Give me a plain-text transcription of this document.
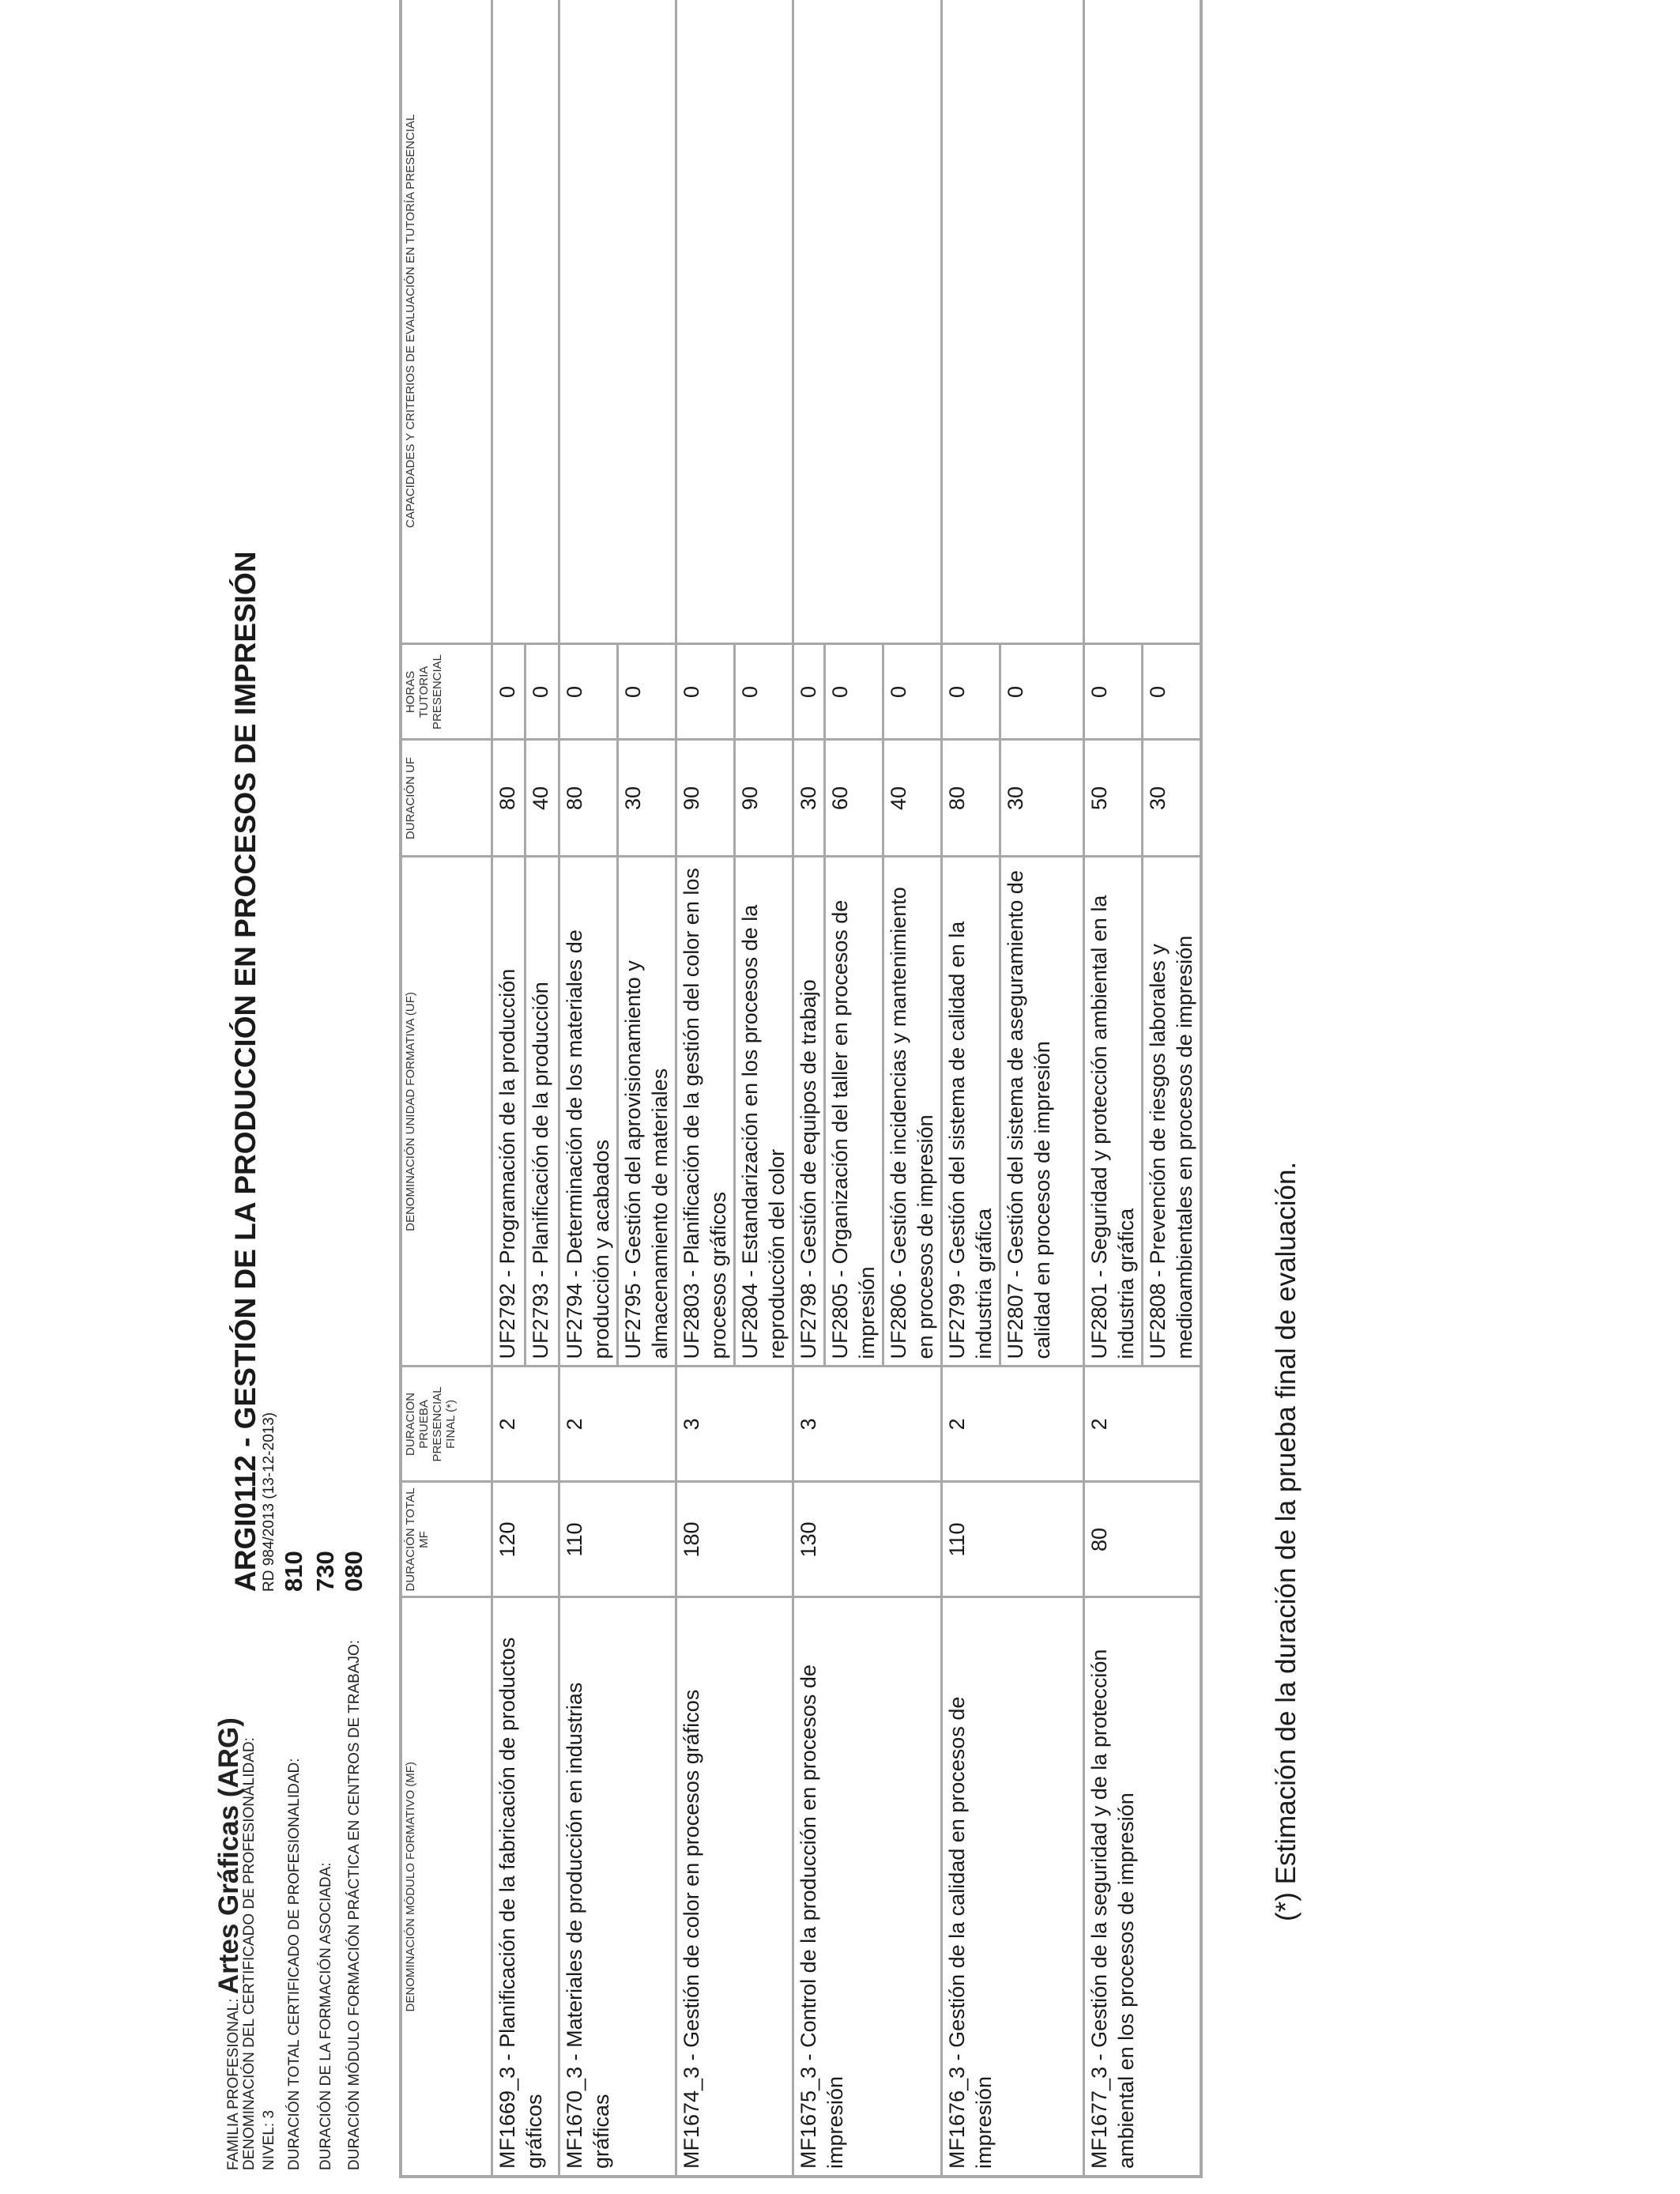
FAMILIA PROFESIONAL: Artes Gráficas (ARG)
DENOMINACIÓN DEL CERTIFICADO DE PROFESIONALIDAD:
ARGI0112 - GESTIÓN DE LA PRODUCCIÓN EN PROCESOS DE IMPRESIÓN
NIVEL: 3
RD 984/2013 (13-12-2013)
DURACIÓN TOTAL CERTIFICADO DE PROFESIONALIDAD:
810
DURACIÓN DE LA FORMACIÓN ASOCIADA:
730
DURACIÓN MÓDULO FORMACIÓN PRÁCTICA EN CENTROS DE TRABAJO:
080
DENOMINACIÓN MÓDULO FORMATIVO (MF)	DURACIÓN TOTAL MF	DURACION PRUEBA PRESENCIAL FINAL (*)	DENOMINACIÓN UNIDAD FORMATIVA (UF)	DURACIÓN UF	HORAS TUTORIA PRESENCIAL	CAPACIDADES Y CRITERIOS DE EVALUACIÓN EN TUTORÍA PRESENCIAL
MF1669_3 - Planificación de la fabricación de productos gráficos	120	2	UF2792 - Programación de la producción	80	0	
			UF2793 - Planificación de la producción	40	0	
MF1670_3 - Materiales de producción en industrias gráficas	110	2	UF2794 - Determinación de los materiales de producción y acabados	80	0	
			UF2795 - Gestión del aprovisionamiento y almacenamiento de materiales	30	0	
MF1674_3 - Gestión de color en procesos gráficos	180	3	UF2803 - Planificación de la gestión del color en los procesos gráficos	90	0	
			UF2804 - Estandarización en los procesos de la reproducción del color	90	0	
MF1675_3 - Control de la producción en procesos de impresión	130	3	UF2798 - Gestión de equipos de trabajo	30	0	
			UF2805 - Organización del taller en procesos de impresión	60	0	
			UF2806 - Gestión de incidencias y mantenimiento en procesos de impresión	40	0	
MF1676_3 - Gestión de la calidad en procesos de impresión	110	2	UF2799 - Gestión del sistema de calidad en la industria gráfica	80	0	
			UF2807 - Gestión del sistema de aseguramiento de calidad en procesos de impresión	30	0	
MF1677_3 - Gestión de la seguridad y de la protección ambiental en los procesos de impresión	80	2	UF2801 - Seguridad y protección ambiental en la industria gráfica	50	0	
			UF2808 - Prevención de riesgos laborales y medioambientales en procesos de impresión	30	0	
(*) Estimación de la duración de la prueba final de evaluación.
